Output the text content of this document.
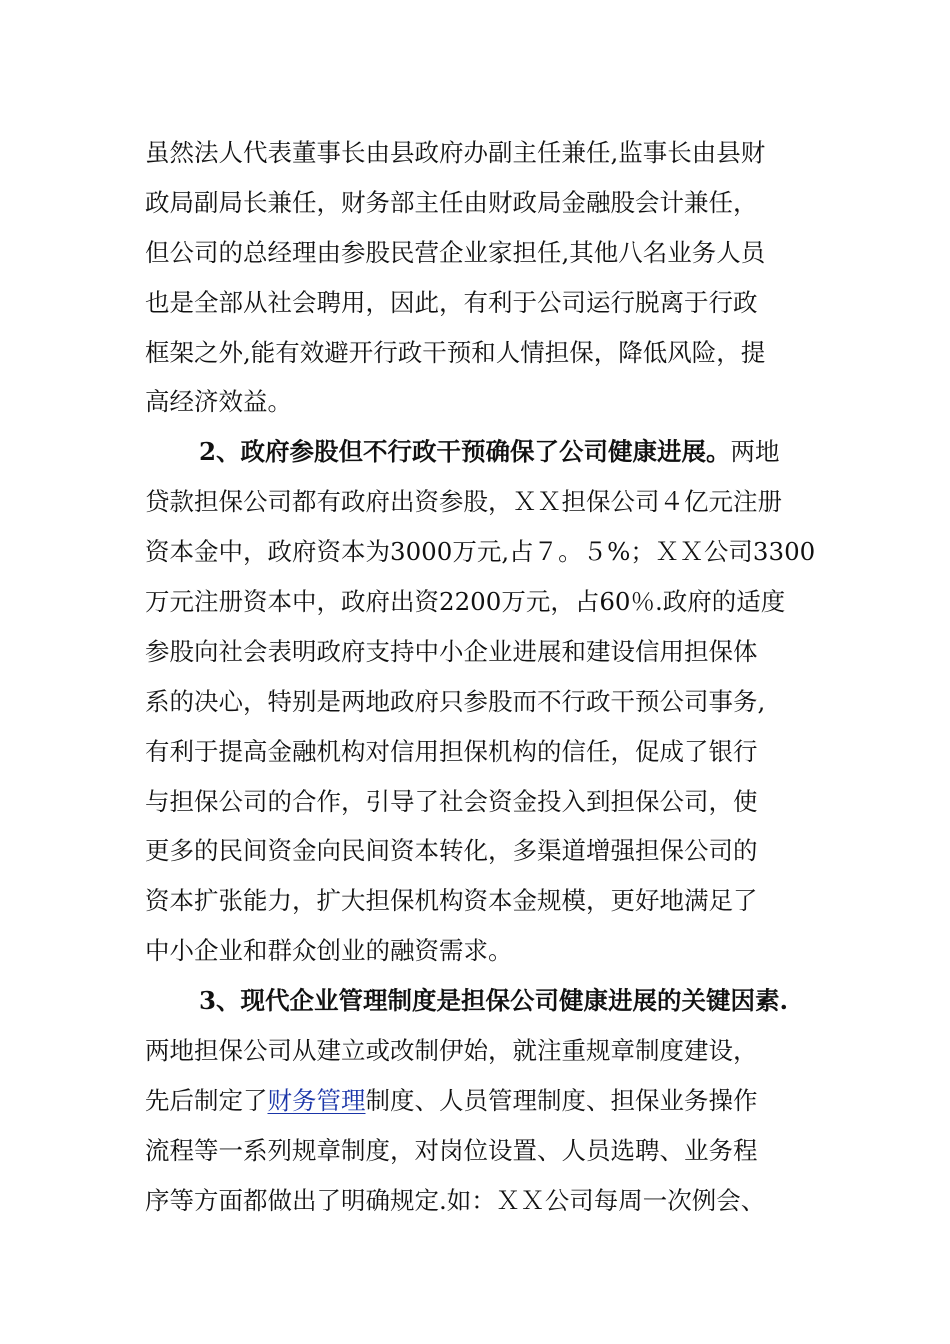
虽然法人代表董事长由县政府办副主任兼任,监事长由县财
政局副局长兼任，财务部主任由财政局金融股会计兼任，
但公司的总经理由参股民营企业家担任,其他八名业务人员
也是全部从社会聘用，因此，有利于公司运行脱离于行政
框架之外,能有效避开行政干预和人情担保，降低风险，提
高经济效益。
2、政府参股但不行政干预确保了公司健康进展。两地
贷款担保公司都有政府出资参股，ＸＸ担保公司４亿元注册
资本金中，政府资本为3000万元,占７。５%；ＸＸ公司3300
万元注册资本中，政府出资2200万元，占60％.政府的适度
参股向社会表明政府支持中小企业进展和建设信用担保体
系的决心，特别是两地政府只参股而不行政干预公司事务,
有利于提高金融机构对信用担保机构的信任，促成了银行
与担保公司的合作，引导了社会资金投入到担保公司，使
更多的民间资金向民间资本转化，多渠道增强担保公司的
资本扩张能力，扩大担保机构资本金规模，更好地满足了
中小企业和群众创业的融资需求。
3、现代企业管理制度是担保公司健康进展的关键因素.
两地担保公司从建立或改制伊始，就注重规章制度建设，
先后制定了财务管理制度、人员管理制度、担保业务操作
流程等一系列规章制度，对岗位设置、人员选聘、业务程
序等方面都做出了明确规定.如：ＸＸ公司每周一次例会、
